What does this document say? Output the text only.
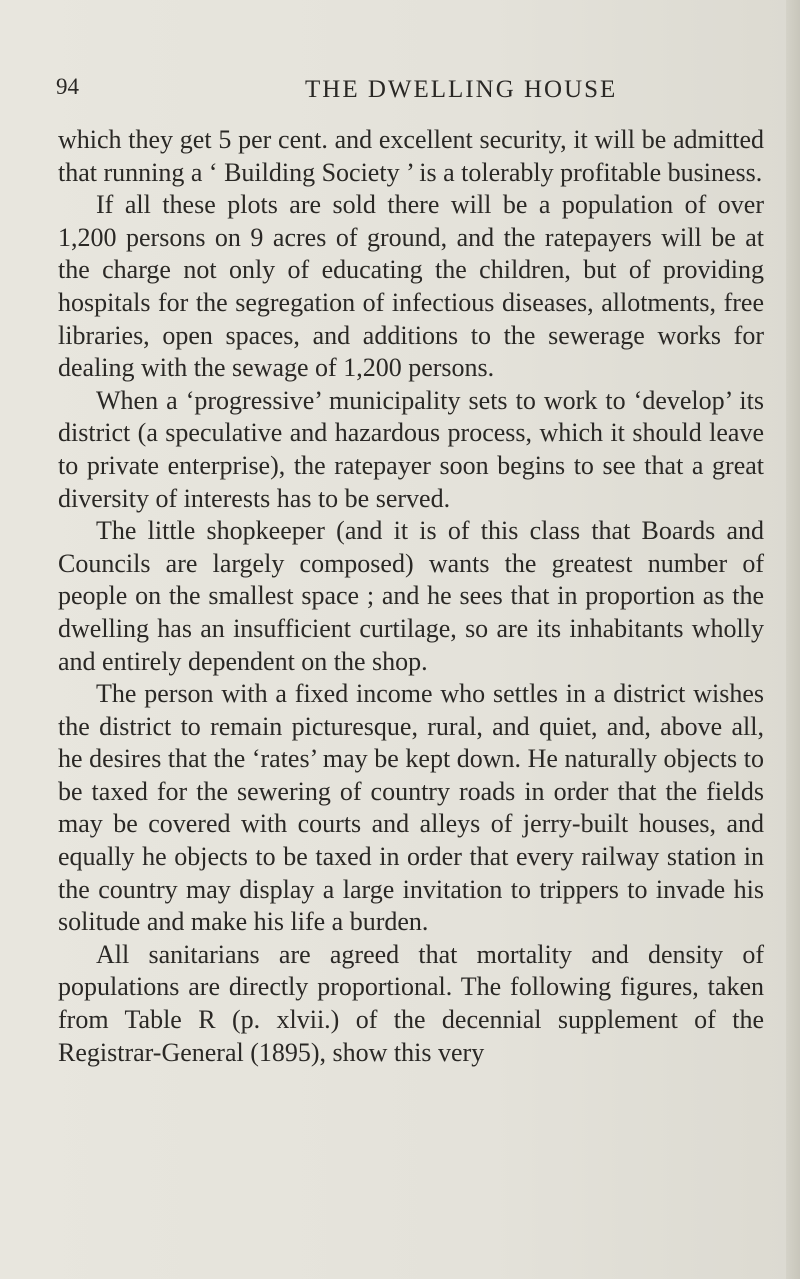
94	THE DWELLING HOUSE

which they get 5 per cent. and excellent security, it will be admitted that running a ‘ Building Society ’ is a tolerably profitable business.

If all these plots are sold there will be a population of over 1,200 persons on 9 acres of ground, and the ratepayers will be at the charge not only of educating the children, but of providing hospitals for the segregation of infectious diseases, allotments, free libraries, open spaces, and additions to the sewerage works for dealing with the sewage of 1,200 persons.

When a ‘progressive’ municipality sets to work to ‘develop’ its district (a speculative and hazardous process, which it should leave to private enterprise), the ratepayer soon begins to see that a great diversity of interests has to be served.

The little shopkeeper (and it is of this class that Boards and Councils are largely composed) wants the greatest number of people on the smallest space ; and he sees that in proportion as the dwelling has an insufficient curtilage, so are its inhabitants wholly and entirely dependent on the shop.

The person with a fixed income who settles in a district wishes the district to remain picturesque, rural, and quiet, and, above all, he desires that the ‘rates’ may be kept down. He naturally objects to be taxed for the sewering of country roads in order that the fields may be covered with courts and alleys of jerry-built houses, and equally he objects to be taxed in order that every railway station in the country may display a large invitation to trippers to invade his solitude and make his life a burden.

All sanitarians are agreed that mortality and density of populations are directly proportional. The following figures, taken from Table R (p. xlvii.) of the decennial supplement of the Registrar-General (1895), show this very
